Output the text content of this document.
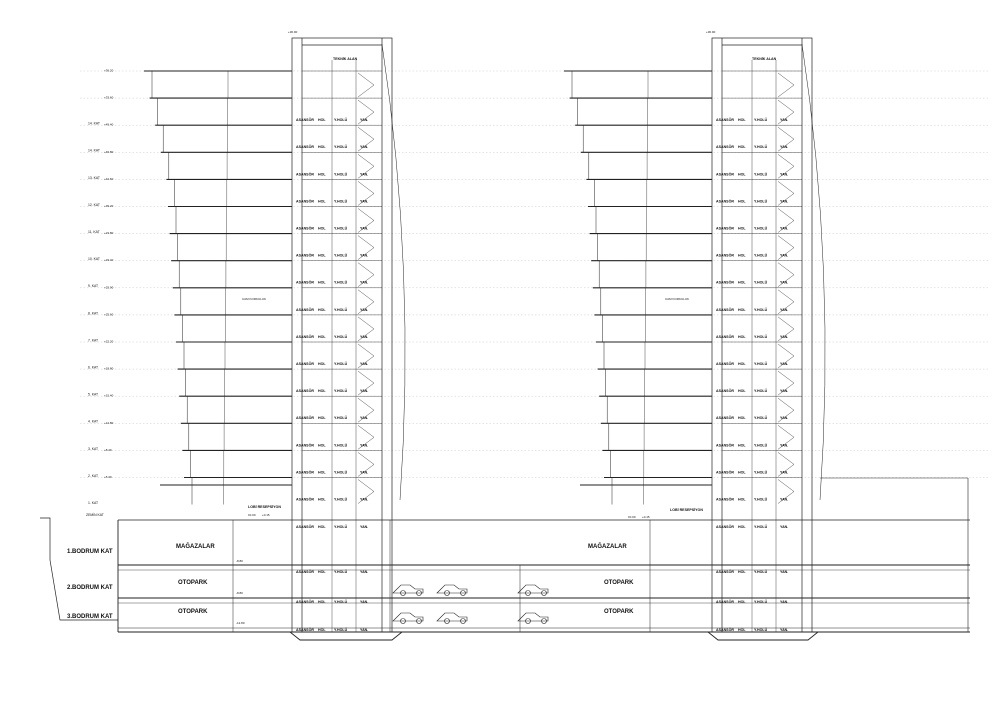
ASANSÖR HOL Y.HOLÜ	YAN.
ASANSÖR HOL Y.HOLÜ	YAN.
ASANSÖR HOL Y.HOLÜ	YAN.
ASANSÖR HOL Y.HOLÜ	YAN.
ASANSÖR HOL Y.HOLÜ	YAN.
ASANSÖR HOL Y.HOLÜ	YAN.
ASANSÖR HOL Y.HOLÜ	YAN.
ASANSÖR HOL Y.HOLÜ	YAN.
ASANSÖR HOL Y.HOLÜ	YAN.
ASANSÖR HOL Y.HOLÜ	YAN.
ASANSÖR HOL Y.HOLÜ	YAN.
ASANSÖR HOL Y.HOLÜ	YAN.
ASANSÖR HOL Y.HOLÜ	YAN.
ASANSÖR HOL Y.HOLÜ	YAN.
ASANSÖR HOL Y.HOLÜ	YAN.
ASANSÖR HOL Y.HOLÜ	YAN.
ASANSÖR HOL Y.HOLÜ	YAN.
ASANSÖR HOL Y.HOLÜ	YAN.
ASANSÖR HOL Y.HOLÜ	YAN.
ASANSÖR HOL Y.HOLÜ	YAN.
ASANSÖR HOL Y.HOLÜ	YAN.
ASANSÖR HOL Y.HOLÜ	YAN.
ASANSÖR HOL Y.HOLÜ	YAN.
ASANSÖR HOL Y.HOLÜ	YAN.
ASANSÖR HOL Y.HOLÜ	YAN.
ASANSÖR HOL Y.HOLÜ	YAN.
ASANSÖR HOL Y.HOLÜ	YAN.
ASANSÖR HOL Y.HOLÜ	YAN.
ASANSÖR HOL Y.HOLÜ	YAN.
ASANSÖR HOL Y.HOLÜ	YAN.
ASANSÖR HOL Y.HOLÜ	YAN.
ASANSÖR HOL Y.HOLÜ	YAN.
ASANSÖR HOL Y.HOLÜ	YAN.
ASANSÖR HOL Y.HOLÜ	YAN.
ASANSÖR HOL Y.HOLÜ	YAN.
ASANSÖR HOL Y.HOLÜ	YAN.
ASANSÖR HOL Y.HOLÜ	YAN.
ASANSÖR HOL Y.HOLÜ	YAN.
14. KAT
14. KAT
13. KAT
12. KAT
11. KAT
10. KAT
9. KAT
8. KAT
7. KAT
6. KAT
5. KAT
4. KAT
3. KAT
2. KAT
1. KAT
+36.20
+33.60
+49.40
+46.80
+42.60
+39.20
+23.80
+33.40
+25.90
+25.60
+22.20
+18.80
+15.40
+12.80
+8.40
+5.30
+36.90	+36.90
TEKNİK ALAN	TEKNİK ALAN
ZEMİN KAT
LOBİ RESEPSİYON
±0.00 +0.15
LOBİ RESEPSİYON
±0.00 +0.15
CAM KORKULUK	CAM KORKULUK
1.BODRUM KAT
2.BODRUM KAT
3.BODRUM KAT
MAĞAZALAR	MAĞAZALAR
OTOPARK	OTOPARK
OTOPARK	OTOPARK
-8.80
-8.80
-12.80
